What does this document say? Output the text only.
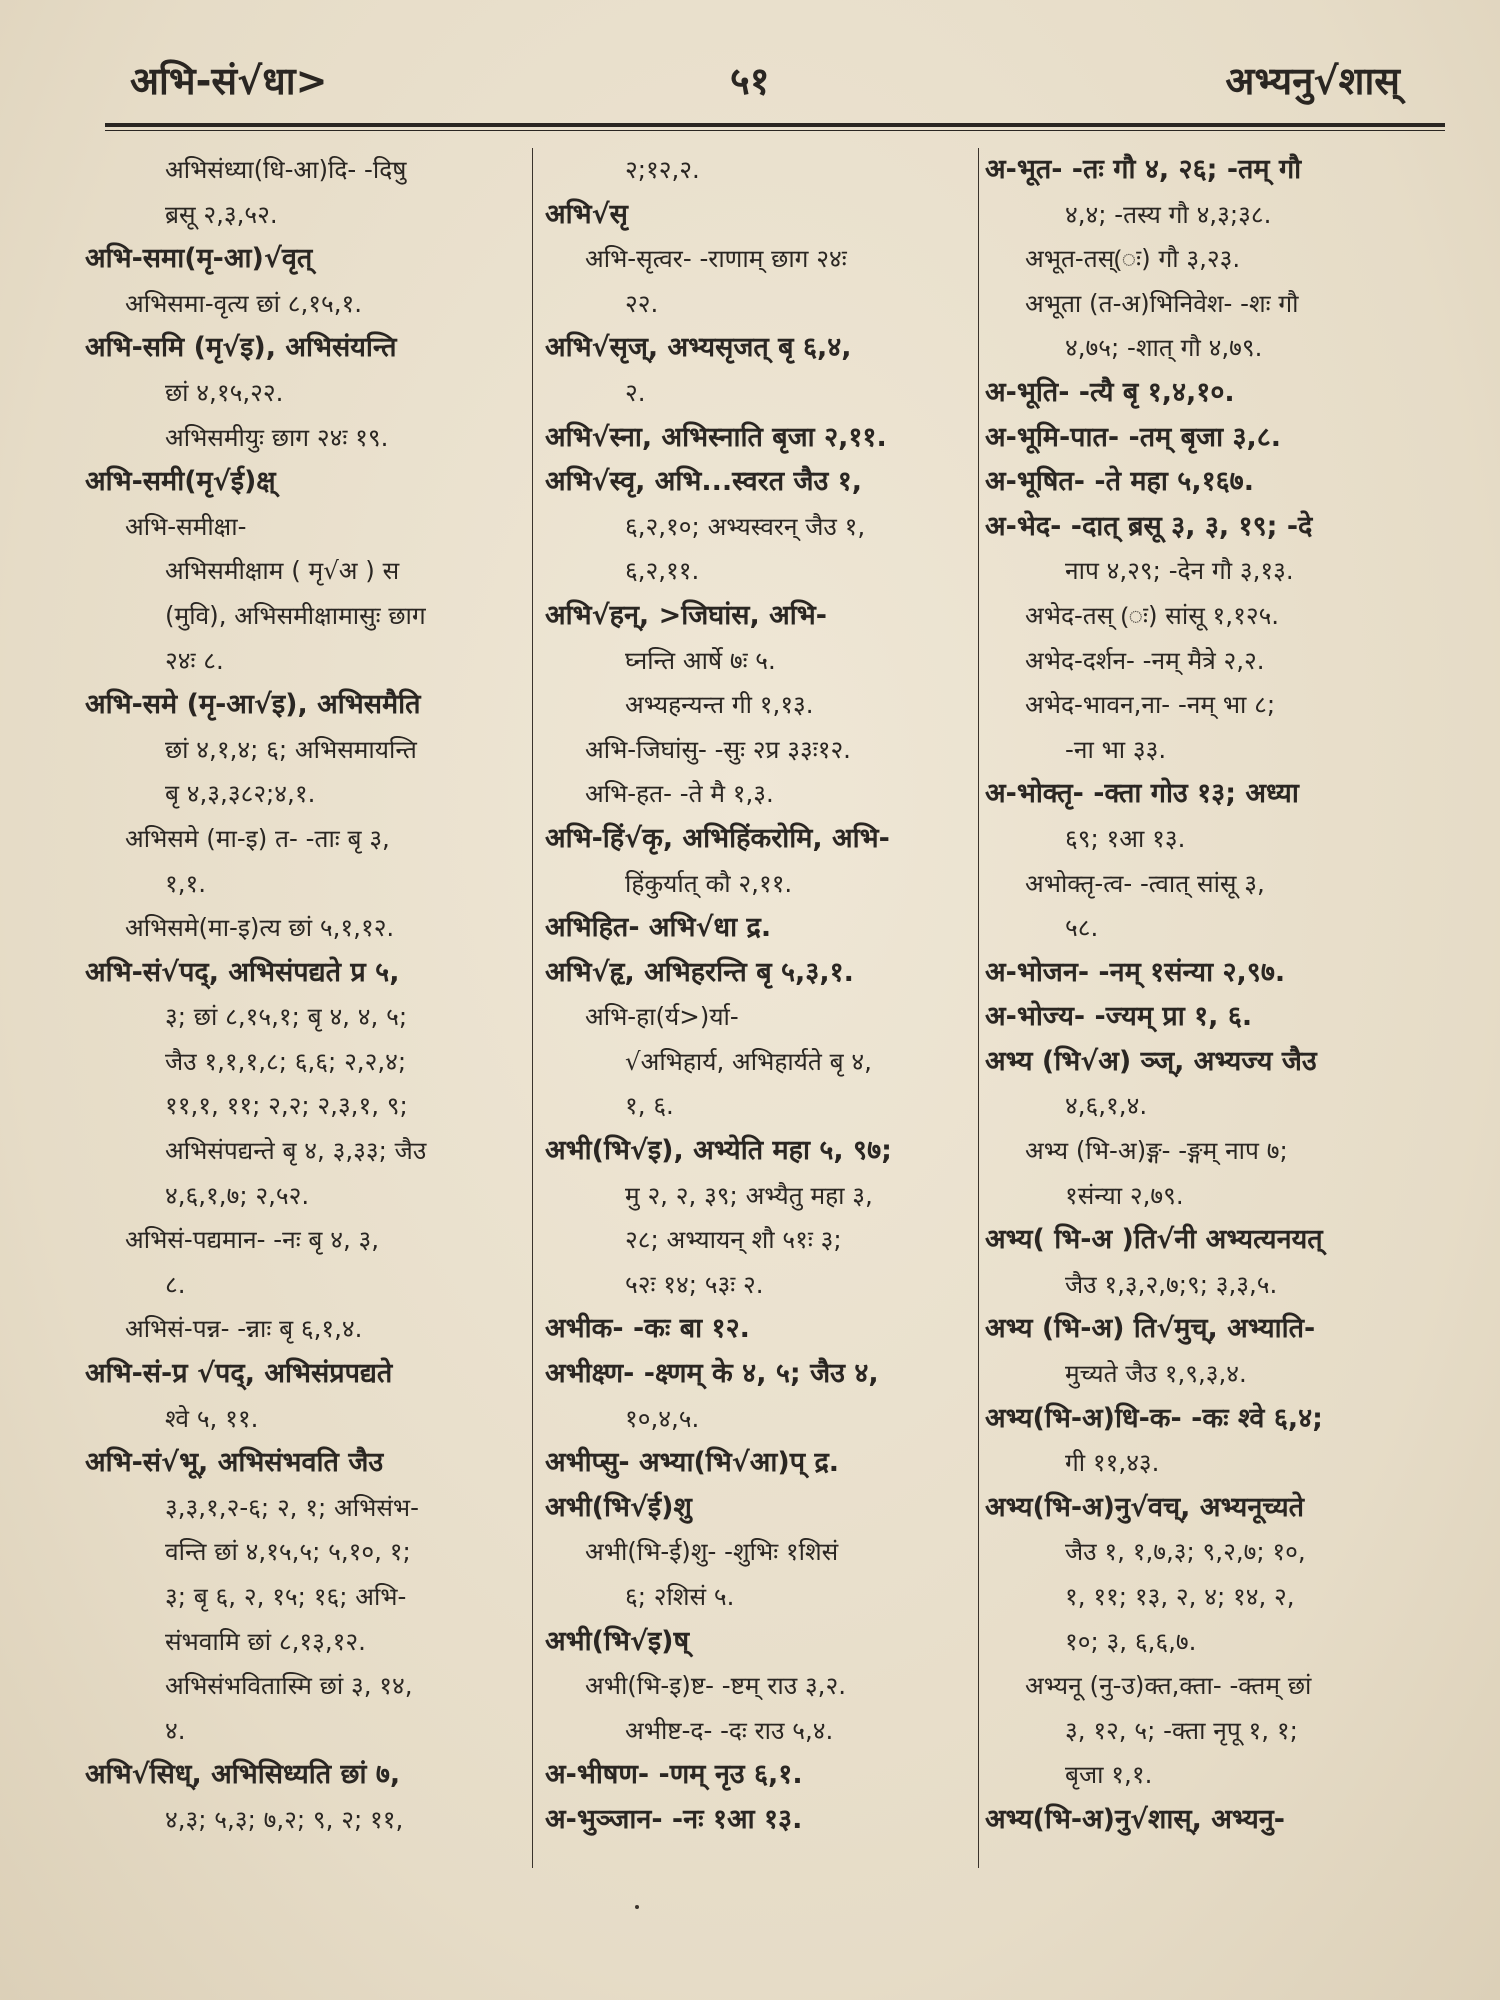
अभि-सं√धा>	५१	अभ्यनु√शास्
अभिसंध्या(धि-आ)दि- -दिषु
ब्रसू २,३,५२.
अभि-समा(मृ-आ)√वृत्
अभिसमा-वृत्य छां ८,१५,१.
अभि-समि (मृ√इ), अभिसंयन्ति
छां ४,१५,२२.
अभिसमीयुः छाग २४ः १९.
अभि-समी(मृ√ई)क्ष्
अभि-समीक्षा-
अभिसमीक्षाम ( मृ√अ ) स
(मुवि), अभिसमीक्षामासुः छाग
२४ः ८.
अभि-समे (मृ-आ√इ), अभिसमैति
छां ४,१,४; ६; अभिसमायन्ति
बृ ४,३,३८२;४,१.
अभिसमे (मा-इ) त- -ताः बृ ३,
१,१.
अभिसमे(मा-इ)त्य छां ५,१,१२.
अभि-सं√पद्, अभिसंपद्यते प्र ५,
३; छां ८,१५,१; बृ ४, ४, ५;
जैउ १,१,१,८; ६,६; २,२,४;
११,१, ११; २,२; २,३,१, ९;
अभिसंपद्यन्ते बृ ४, ३,३३; जैउ
४,६,१,७; २,५२.
अभिसं-पद्यमान- -नः बृ ४, ३,
८.
अभिसं-पन्न- -न्नाः बृ ६,१,४.
अभि-सं-प्र √पद्, अभिसंप्रपद्यते
श्वे ५, ११.
अभि-सं√भू, अभिसंभवति जैउ
३,३,१,२-६; २, १; अभिसंभ-
वन्ति छां ४,१५,५; ५,१०, १;
३; बृ ६, २, १५; १६; अभि-
संभवामि छां ८,१३,१२.
अभिसंभवितास्मि छां ३, १४,
४.
अभि√सिध्, अभिसिध्यति छां ७,
४,३; ५,३; ७,२; ९, २; ११,
२;१२,२.
अभि√सृ
अभि-सृत्वर- -राणाम् छाग २४ः
२२.
अभि√सृज्, अभ्यसृजत् बृ ६,४,
२.
अभि√स्ना, अभिस्नाति बृजा २,११.
अभि√स्वृ, अभि...स्वरत जैउ १,
६,२,१०; अभ्यस्वरन् जैउ १,
६,२,११.
अभि√हन्, >जिघांस, अभि-
घ्नन्ति आर्षे ७ः ५.
अभ्यहन्यन्त गी १,१३.
अभि-जिघांसु- -सुः २प्र ३३ः१२.
अभि-हत- -ते मै १,३.
अभि-हिं√कृ, अभिहिंकरोमि, अभि-
हिंकुर्यात् कौ २,११.
अभिहित- अभि√धा द्र.
अभि√हृ, अभिहरन्ति बृ ५,३,१.
अभि-हा(र्य>)र्या-
√अभिहार्य, अभिहार्यते बृ ४,
१, ६.
अभी(भि√इ), अभ्येति महा ५, ९७;
मु २, २, ३९; अभ्यैतु महा ३,
२८; अभ्यायन् शौ ५१ः ३;
५२ः १४; ५३ः २.
अभीक- -कः बा १२.
अभीक्ष्ण- -क्ष्णम् के ४, ५; जैउ ४,
१०,४,५.
अभीप्सु- अभ्या(भि√आ)प् द्र.
अभी(भि√ई)शु
अभी(भि-ई)शु- -शुभिः १शिसं
६; २शिसं ५.
अभी(भि√इ)ष्
अभी(भि-इ)ष्ट- -ष्टम् राउ ३,२.
अभीष्ट-द- -दः राउ ५,४.
अ-भीषण- -णम् नृउ ६,१.
अ-भुञ्जान- -नः १आ १३.
अ-भूत- -तः गौ ४, २६; -तम् गौ
४,४; -तस्य गौ ४,३;३८.
अभूत-तस्(ः) गौ ३,२३.
अभूता (त-अ)भिनिवेश- -शः गौ
४,७५; -शात् गौ ४,७९.
अ-भूति- -त्यै बृ १,४,१०.
अ-भूमि-पात- -तम् बृजा ३,८.
अ-भूषित- -ते महा ५,१६७.
अ-भेद- -दात् ब्रसू ३, ३, १९; -दे
नाप ४,२९; -देन गौ ३,१३.
अभेद-तस् (ः) सांसू १,१२५.
अभेद-दर्शन- -नम् मैत्रे २,२.
अभेद-भावन,ना- -नम् भा ८;
-ना भा ३३.
अ-भोक्तृ- -क्ता गोउ १३; अध्या
६९; १आ १३.
अभोक्तृ-त्व- -त्वात् सांसू ३,
५८.
अ-भोजन- -नम् १संन्या २,९७.
अ-भोज्य- -ज्यम् प्रा १, ६.
अभ्य (भि√अ) ञ्ज्, अभ्यज्य जैउ
४,६,१,४.
अभ्य (भि-अ)ङ्ग- -ङ्गम् नाप ७;
१संन्या २,७९.
अभ्य( भि-अ )ति√नी अभ्यत्यनयत्
जैउ १,३,२,७;९; ३,३,५.
अभ्य (भि-अ) ति√मुच्, अभ्याति-
मुच्यते जैउ १,९,३,४.
अभ्य(भि-अ)धि-क- -कः श्वे ६,४;
गी ११,४३.
अभ्य(भि-अ)नु√वच्, अभ्यनूच्यते
जैउ १, १,७,३; ९,२,७; १०,
१, ११; १३, २, ४; १४, २,
१०; ३, ६,६,७.
अभ्यनू (नु-उ)क्त,क्ता- -क्तम् छां
३, १२, ५; -क्ता नृपू १, १;
बृजा १,१.
अभ्य(भि-अ)नु√शास्, अभ्यनु-
